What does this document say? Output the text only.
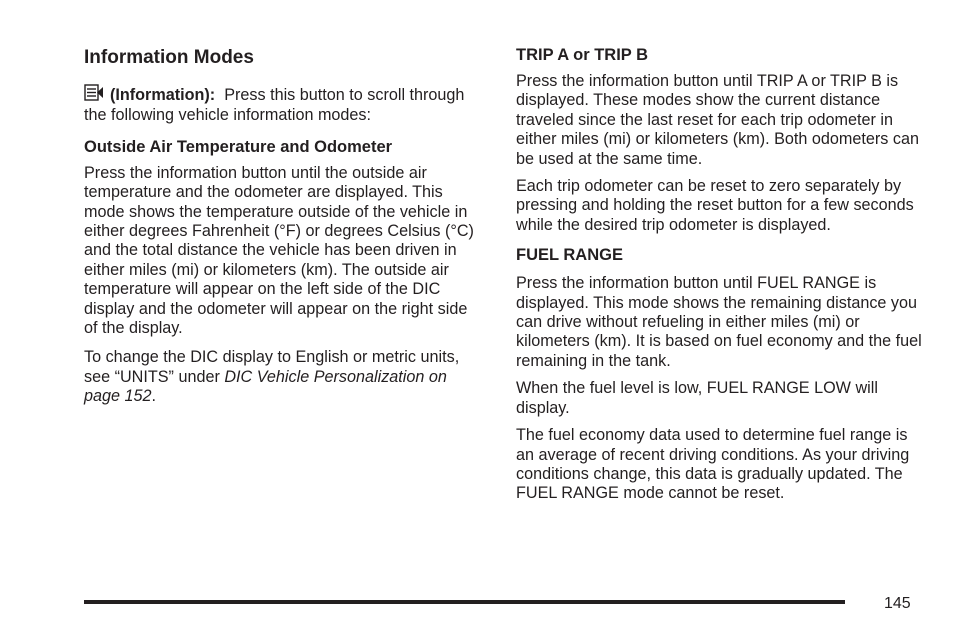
Information Modes

(Information): Press this button to scroll through the following vehicle information modes:

Outside Air Temperature and Odometer

Press the information button until the outside air temperature and the odometer are displayed. This mode shows the temperature outside of the vehicle in either degrees Fahrenheit (°F) or degrees Celsius (°C) and the total distance the vehicle has been driven in either miles (mi) or kilometers (km). The outside air temperature will appear on the left side of the DIC display and the odometer will appear on the right side of the display.

To change the DIC display to English or metric units, see “UNITS” under DIC Vehicle Personalization on page 152.

TRIP A or TRIP B

Press the information button until TRIP A or TRIP B is displayed. These modes show the current distance traveled since the last reset for each trip odometer in either miles (mi) or kilometers (km). Both odometers can be used at the same time.

Each trip odometer can be reset to zero separately by pressing and holding the reset button for a few seconds while the desired trip odometer is displayed.

FUEL RANGE

Press the information button until FUEL RANGE is displayed. This mode shows the remaining distance you can drive without refueling in either miles (mi) or kilometers (km). It is based on fuel economy and the fuel remaining in the tank.

When the fuel level is low, FUEL RANGE LOW will display.

The fuel economy data used to determine fuel range is an average of recent driving conditions. As your driving conditions change, this data is gradually updated. The FUEL RANGE mode cannot be reset.

145
